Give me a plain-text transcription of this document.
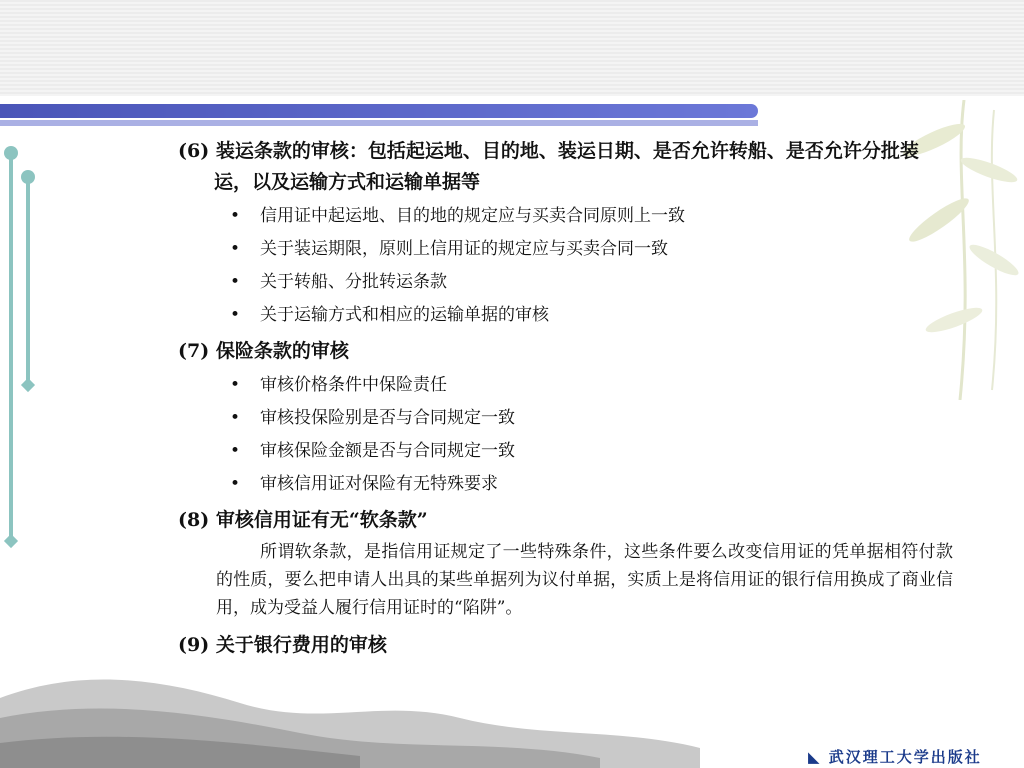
◣ 武汉理工大学出版社
(6) 装运条款的审核：包括起运地、目的地、装运日期、是否允许转船、是否允许分批装运，以及运输方式和运输单据等
• 信用证中起运地、目的地的规定应与买卖合同原则上一致
• 关于装运期限，原则上信用证的规定应与买卖合同一致
• 关于转船、分批转运条款
• 关于运输方式和相应的运输单据的审核
(7) 保险条款的审核
• 审核价格条件中保险责任
• 审核投保险别是否与合同规定一致
• 审核保险金额是否与合同规定一致
• 审核信用证对保险有无特殊要求
(8) 审核信用证有无“软条款”

所谓软条款，是指信用证规定了一些特殊条件，这些条件要么改变信用证的凭单据相符付款的性质，要么把申请人出具的某些单据列为议付单据，实质上是将信用证的银行信用换成了商业信用，成为受益人履行信用证时的“陷阱”。

(9) 关于银行费用的审核
